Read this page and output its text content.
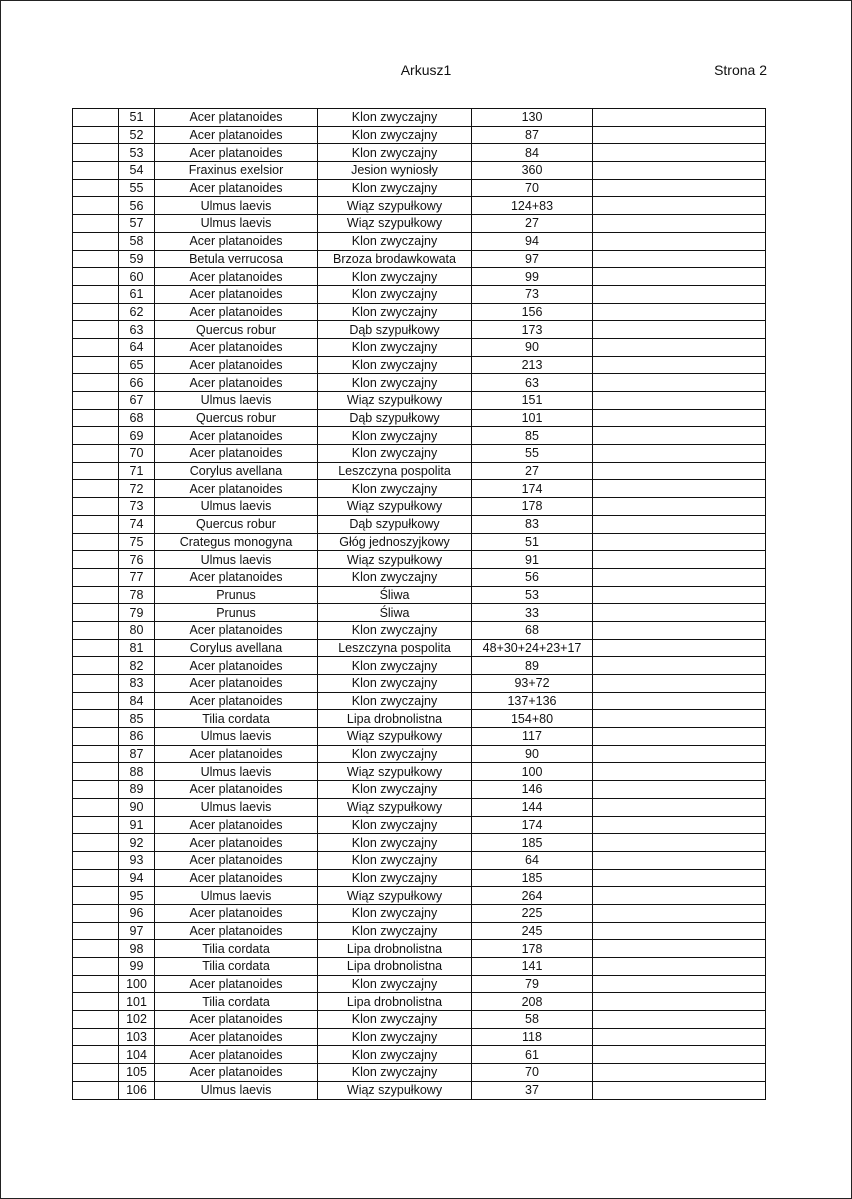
Arkusz1	Strona 2
	51	Acer platanoides	Klon zwyczajny	130	
	52	Acer platanoides	Klon zwyczajny	87	
	53	Acer platanoides	Klon zwyczajny	84	
	54	Fraxinus exelsior	Jesion wyniosły	360	
	55	Acer platanoides	Klon zwyczajny	70	
	56	Ulmus laevis	Wiąz szypułkowy	124+83	
	57	Ulmus laevis	Wiąz szypułkowy	27	
	58	Acer platanoides	Klon zwyczajny	94	
	59	Betula verrucosa	Brzoza brodawkowata	97	
	60	Acer platanoides	Klon zwyczajny	99	
	61	Acer platanoides	Klon zwyczajny	73	
	62	Acer platanoides	Klon zwyczajny	156	
	63	Quercus robur	Dąb szypułkowy	173	
	64	Acer platanoides	Klon zwyczajny	90	
	65	Acer platanoides	Klon zwyczajny	213	
	66	Acer platanoides	Klon zwyczajny	63	
	67	Ulmus laevis	Wiąz szypułkowy	151	
	68	Quercus robur	Dąb szypułkowy	101	
	69	Acer platanoides	Klon zwyczajny	85	
	70	Acer platanoides	Klon zwyczajny	55	
	71	Corylus avellana	Leszczyna pospolita	27	
	72	Acer platanoides	Klon zwyczajny	174	
	73	Ulmus laevis	Wiąz szypułkowy	178	
	74	Quercus robur	Dąb szypułkowy	83	
	75	Crategus monogyna	Głóg jednoszyjkowy	51	
	76	Ulmus laevis	Wiąz szypułkowy	91	
	77	Acer platanoides	Klon zwyczajny	56	
	78	Prunus	Śliwa	53	
	79	Prunus	Śliwa	33	
	80	Acer platanoides	Klon zwyczajny	68	
	81	Corylus avellana	Leszczyna pospolita	48+30+24+23+17	
	82	Acer platanoides	Klon zwyczajny	89	
	83	Acer platanoides	Klon zwyczajny	93+72	
	84	Acer platanoides	Klon zwyczajny	137+136	
	85	Tilia cordata	Lipa drobnolistna	154+80	
	86	Ulmus laevis	Wiąz szypułkowy	117	
	87	Acer platanoides	Klon zwyczajny	90	
	88	Ulmus laevis	Wiąz szypułkowy	100	
	89	Acer platanoides	Klon zwyczajny	146	
	90	Ulmus laevis	Wiąz szypułkowy	144	
	91	Acer platanoides	Klon zwyczajny	174	
	92	Acer platanoides	Klon zwyczajny	185	
	93	Acer platanoides	Klon zwyczajny	64	
	94	Acer platanoides	Klon zwyczajny	185	
	95	Ulmus laevis	Wiąz szypułkowy	264	
	96	Acer platanoides	Klon zwyczajny	225	
	97	Acer platanoides	Klon zwyczajny	245	
	98	Tilia cordata	Lipa drobnolistna	178	
	99	Tilia cordata	Lipa drobnolistna	141	
	100	Acer platanoides	Klon zwyczajny	79	
	101	Tilia cordata	Lipa drobnolistna	208	
	102	Acer platanoides	Klon zwyczajny	58	
	103	Acer platanoides	Klon zwyczajny	118	
	104	Acer platanoides	Klon zwyczajny	61	
	105	Acer platanoides	Klon zwyczajny	70	
	106	Ulmus laevis	Wiąz szypułkowy	37	
